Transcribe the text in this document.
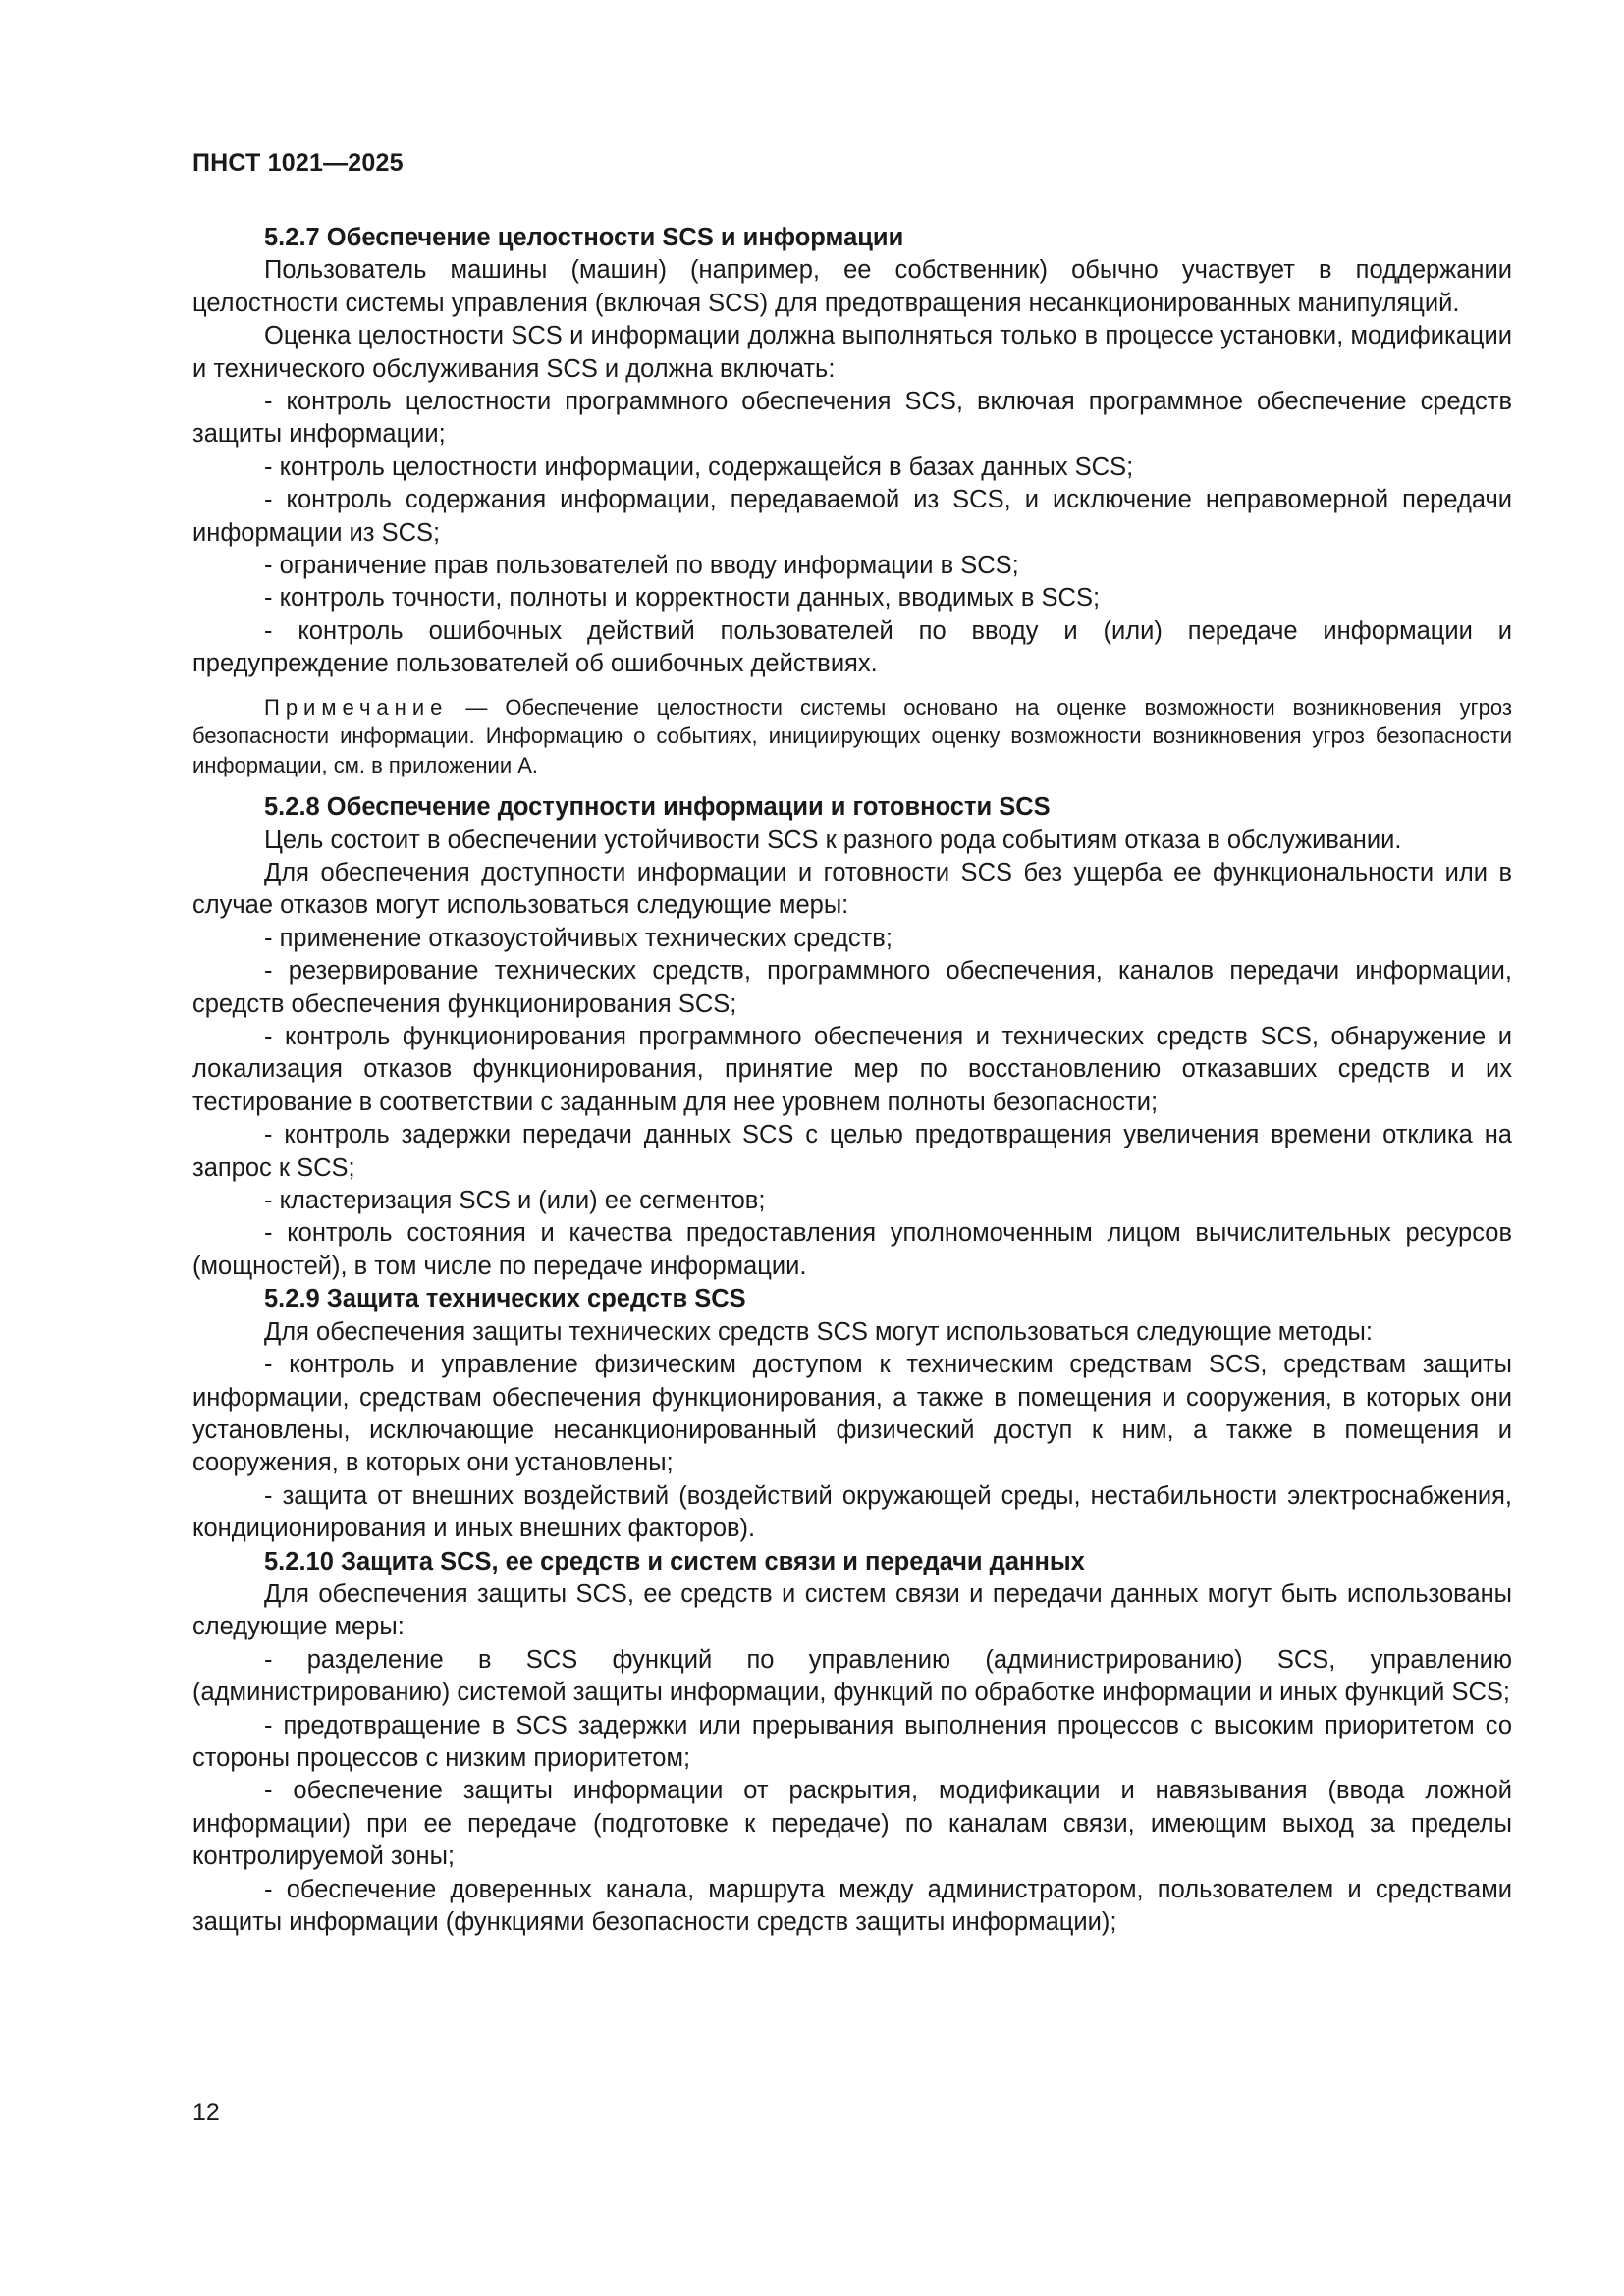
ПНСТ 1021—2025
5.2.7 Обеспечение целостности SCS и информации

Пользователь машины (машин) (например, ее собственник) обычно участвует в поддержании целостности системы управления (включая SCS) для предотвращения несанкционированных манипуляций.

Оценка целостности SCS и информации должна выполняться только в процессе установки, модификации и технического обслуживания SCS и должна включать:

- контроль целостности программного обеспечения SCS, включая программное обеспечение средств защиты информации;

- контроль целостности информации, содержащейся в базах данных SCS;

- контроль содержания информации, передаваемой из SCS, и исключение неправомерной передачи информации из SCS;

- ограничение прав пользователей по вводу информации в SCS;

- контроль точности, полноты и корректности данных, вводимых в SCS;

- контроль ошибочных действий пользователей по вводу и (или) передаче информации и предупреждение пользователей об ошибочных действиях.

Примечание — Обеспечение целостности системы основано на оценке возможности возникновения угроз безопасности информации. Информацию о событиях, инициирующих оценку возможности возникновения угроз безопасности информации, см. в приложении А.

5.2.8 Обеспечение доступности информации и готовности SCS

Цель состоит в обеспечении устойчивости SCS к разного рода событиям отказа в обслуживании.

Для обеспечения доступности информации и готовности SCS без ущерба ее функциональности или в случае отказов могут использоваться следующие меры:

- применение отказоустойчивых технических средств;

- резервирование технических средств, программного обеспечения, каналов передачи информации, средств обеспечения функционирования SCS;

- контроль функционирования программного обеспечения и технических средств SCS, обнаружение и локализация отказов функционирования, принятие мер по восстановлению отказавших средств и их тестирование в соответствии с заданным для нее уровнем полноты безопасности;

- контроль задержки передачи данных SCS с целью предотвращения увеличения времени отклика на запрос к SCS;

- кластеризация SCS и (или) ее сегментов;

- контроль состояния и качества предоставления уполномоченным лицом вычислительных ресурсов (мощностей), в том числе по передаче информации.

5.2.9 Защита технических средств SCS

Для обеспечения защиты технических средств SCS могут использоваться следующие методы:

- контроль и управление физическим доступом к техническим средствам SCS, средствам защиты информации, средствам обеспечения функционирования, а также в помещения и сооружения, в которых они установлены, исключающие несанкционированный физический доступ к ним, а также в помещения и сооружения, в которых они установлены;

- защита от внешних воздействий (воздействий окружающей среды, нестабильности электроснабжения, кондиционирования и иных внешних факторов).

5.2.10 Защита SCS, ее средств и систем связи и передачи данных

Для обеспечения защиты SCS, ее средств и систем связи и передачи данных могут быть использованы следующие меры:

- разделение в SCS функций по управлению (администрированию) SCS, управлению (администрированию) системой защиты информации, функций по обработке информации и иных функций SCS;

- предотвращение в SCS задержки или прерывания выполнения процессов с высоким приоритетом со стороны процессов с низким приоритетом;

- обеспечение защиты информации от раскрытия, модификации и навязывания (ввода ложной информации) при ее передаче (подготовке к передаче) по каналам связи, имеющим выход за пределы контролируемой зоны;

- обеспечение доверенных канала, маршрута между администратором, пользователем и средствами защиты информации (функциями безопасности средств защиты информации);

12
